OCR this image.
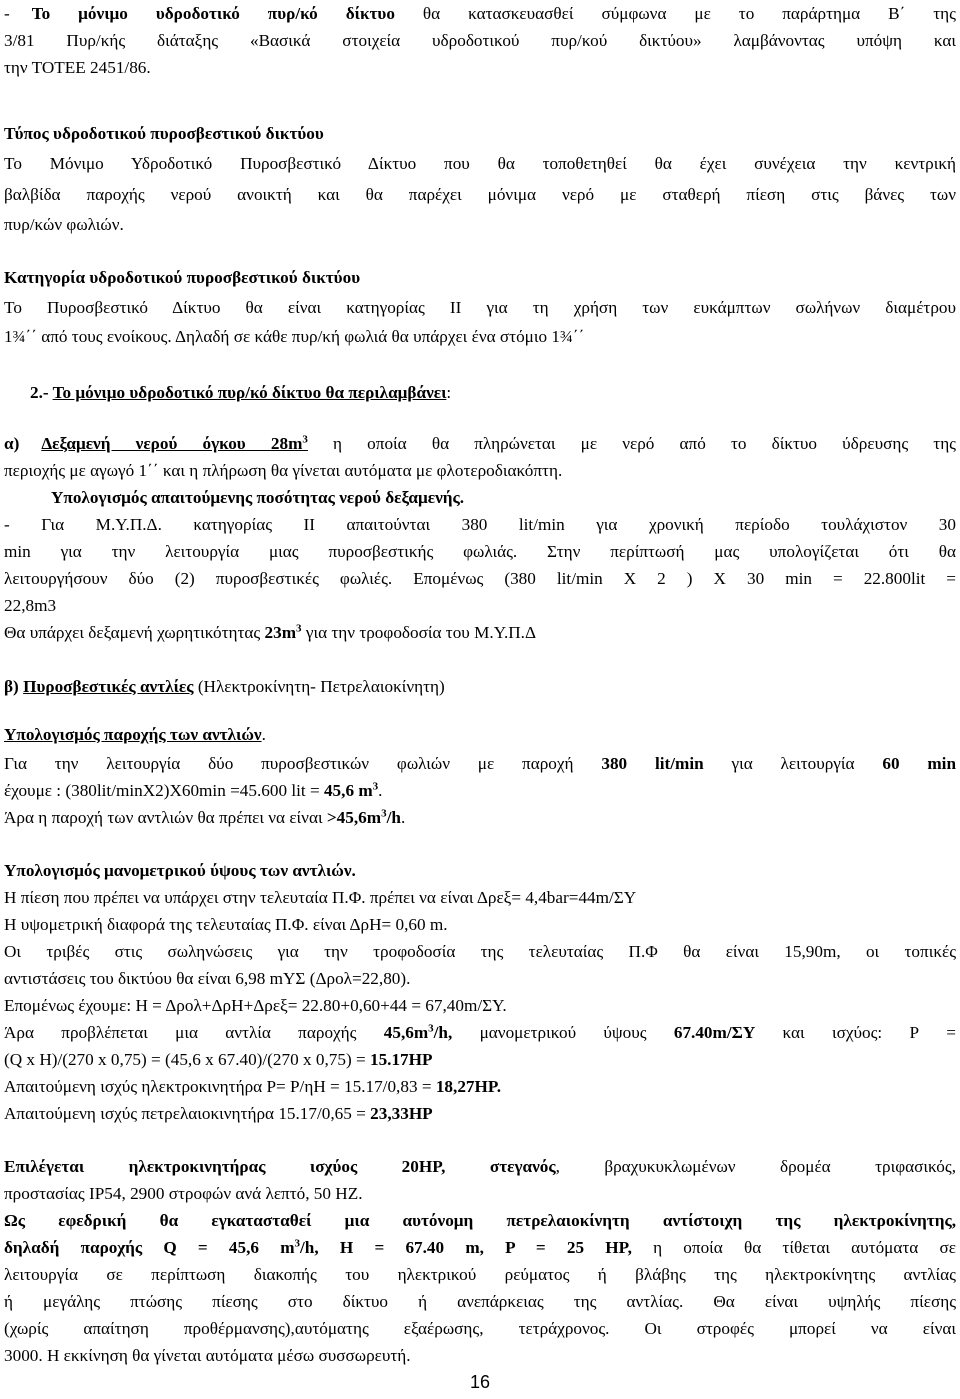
- Το μόνιμο υδροδοτικό πυρ/κό δίκτυο θα κατασκευασθεί σύμφωνα με το παράρτημα Β΄ της

3/81 Πυρ/κής διάταξης «Βασικά στοιχεία υδροδοτικού πυρ/κού δικτύου» λαμβάνοντας υπόψη και

την ΤΟΤΕΕ 2451/86.

Τύπος υδροδοτικού πυροσβεστικού δικτύου

Το Μόνιμο Υδροδοτικό Πυροσβεστικό Δίκτυο που θα τοποθετηθεί θα έχει συνέχεια την κεντρική

βαλβίδα παροχής νερού ανοικτή και θα παρέχει μόνιμα νερό με σταθερή πίεση στις βάνες των

πυρ/κών φωλιών.

Κατηγορία υδροδοτικού πυροσβεστικού δικτύου

Το Πυροσβεστικό Δίκτυο θα είναι κατηγορίας ΙΙ για τη χρήση των ευκάμπτων σωλήνων διαμέτρου

1¾΄΄ από τους ενοίκους. Δηλαδή σε κάθε πυρ/κή φωλιά θα υπάρχει ένα στόμιο 1¾΄΄

2.- Το μόνιμο υδροδοτικό πυρ/κό δίκτυο θα περιλαμβάνει:

α) Δεξαμενή νερού όγκου $28m^3$ η οποία θα πληρώνεται με νερό από το δίκτυο ύδρευσης της

περιοχής με αγωγό 1΄΄ και η πλήρωση θα γίνεται αυτόματα με φλοτεροδιακόπτη.

Υπολογισμός απαιτούμενης ποσότητας νερού δεξαμενής.

- Για Μ.Υ.Π.Δ. κατηγορίας ΙΙ απαιτούνται 380 lit/min για χρονική περίοδο τουλάχιστον 30

min για την λειτουργία μιας πυροσβεστικής φωλιάς. Στην περίπτωσή μας υπολογίζεται ότι θα

λειτουργήσουν δύο (2) πυροσβεστικές φωλιές. Επομένως (380 lit/min Χ 2 ) Χ 30 min = 22.800lit =

22,8m3

Θα υπάρχει δεξαμενή χωρητικότητας $23m^3$ για την τροφοδοσία του Μ.Υ.Π.Δ

β) Πυροσβεστικές αντλίες (Ηλεκτροκίνητη- Πετρελαιοκίνητη)

Υπολογισμός παροχής των αντλιών.

Για την λειτουργία δύο πυροσβεστικών φωλιών με παροχή 380 lit/min για λειτουργία 60 min

έχουμε : (380lit/minX2)X60min =45.600 lit = 45,6 $m^3$.

Άρα η παροχή των αντλιών θα πρέπει να $\varepsilon ί\nu\alpha\iota >45,6m^3/h$.

Υπολογισμός μανομετρικού ύψους των αντλιών.

Η πίεση που πρέπει να υπάρχει στην τελευταία Π.Φ. πρέπει να είναι Δρεξ= 4,4bar=44m/ΣΥ

Η υψομετρική διαφορά της τελευταίας Π.Φ. είναι ΔρΗ= 0,60 m.

Οι τριβές στις σωληνώσεις για την τροφοδοσία της τελευταίας Π.Φ θα είναι 15,90m, οι τοπικές

αντιστάσεις του δικτύου θα είναι 6,98 mΥΣ (Δρολ=22,80).

Επομένως έχουμε: Η = Δρολ+ΔρΗ+Δρεξ= 22.80+0,60+44 = 67,40m/ΣΥ.

Άρα προβλέπεται μια αντλία παροχής $45,6m^3/h$, μανομετρικού ύψους 67.40m/ΣΥ και ισχύος: Ρ =

(Q x H)/(270 x 0,75) = (45,6 x 67.40)/(270 x 0,75) = 15.17ΗΡ

Απαιτούμενη ισχύς ηλεκτροκινητήρα Ρ= Ρ/ηΗ = 15.17/0,83 = 18,27ΗΡ.

Απαιτούμενη ισχύς πετρελαιοκινητήρα 15.17/0,65 = 23,33ΗΡ

Επιλέγεται ηλεκτροκινητήρας ισχύος 20ΗΡ, στεγανός, βραχυκυκλωμένων δρομέα τριφασικός,

προστασίας ΙΡ54, 2900 στροφών ανά λεπτό, 50 ΗΖ.

Ως εφεδρική θα εγκατασταθεί μια αυτόνομη πετρελαιοκίνητη αντίστοιχη της ηλεκτροκίνητης,

δηλαδή παροχής Q = 45,6 $m^3/h$, H = 67.40 m, P = 25 HP, η οποία θα τίθεται αυτόματα σε

λειτουργία σε περίπτωση διακοπής του ηλεκτρικού ρεύματος ή βλάβης της ηλεκτροκίνητης αντλίας

ή μεγάλης πτώσης πίεσης στο δίκτυο ή ανεπάρκειας της αντλίας. Θα είναι υψηλής πίεσης

(χωρίς απαίτηση προθέρμανσης),αυτόματης εξαέρωσης, τετράχρονος. Οι στροφές μπορεί να είναι

3000. Η εκκίνηση θα γίνεται αυτόματα μέσω συσσωρευτή.

16
